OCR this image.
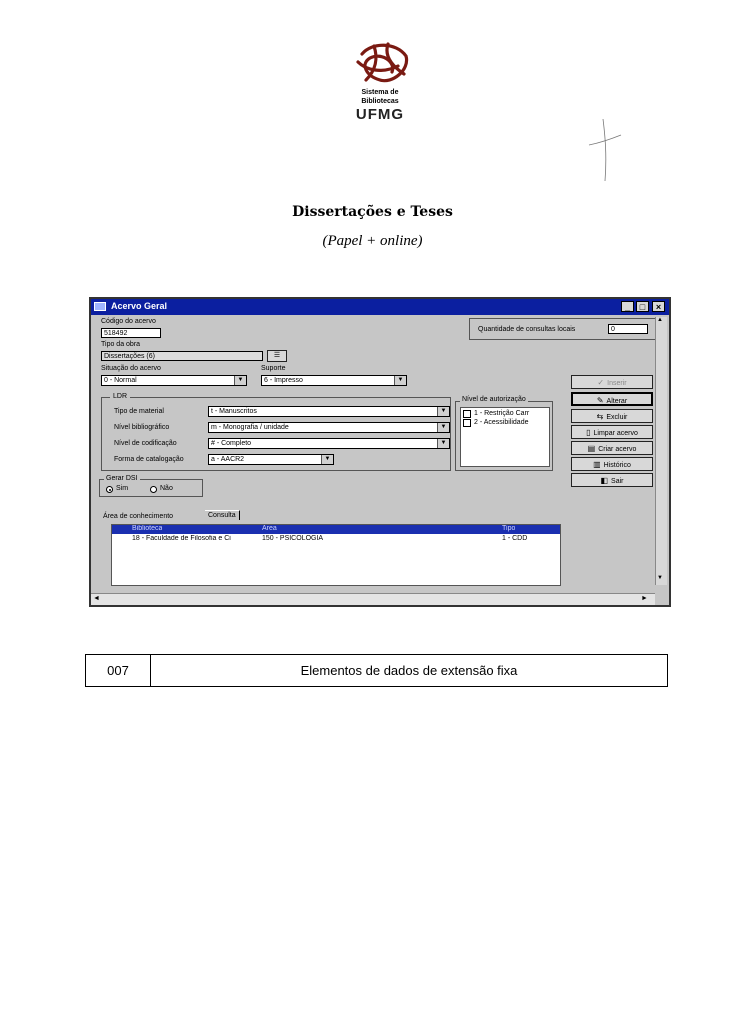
Sistema de
Bibliotecas
UFMG
Dissertações e Teses
(Papel + online)
Acervo Geral	_	□	×
Código do acervo
518492
Quantidade de consultas locais	0
Tipo da obra
Dissertações (6)	☰
Situação do acervo
0 - Normal	▼
Suporte
6 - Impresso	▼
LDR
Tipo de material	t - Manuscritos	▼
Nível bibliográfico	m - Monografia / unidade	▼
Nível de codificação	# - Completo	▼
Forma de catalogação	a - AACR2	▼
Nível de autorização
1 - Restrição Carr
2 - Acessibilidade
✓ Inserir
✎ Alterar
⇆ Excluir
▯ Limpar acervo
▤ Criar acervo
▥ Histórico
◧ Sair
Gerar DSI
Sim	Não
Área de conhecimento	Consulta
Biblioteca	Área	Tipo
18 - Faculdade de Filosofia e Ci	150 - PSICOLOGIA	1 - CDD
▲
▼
◄	►
007	Elementos de dados de extensão fixa
